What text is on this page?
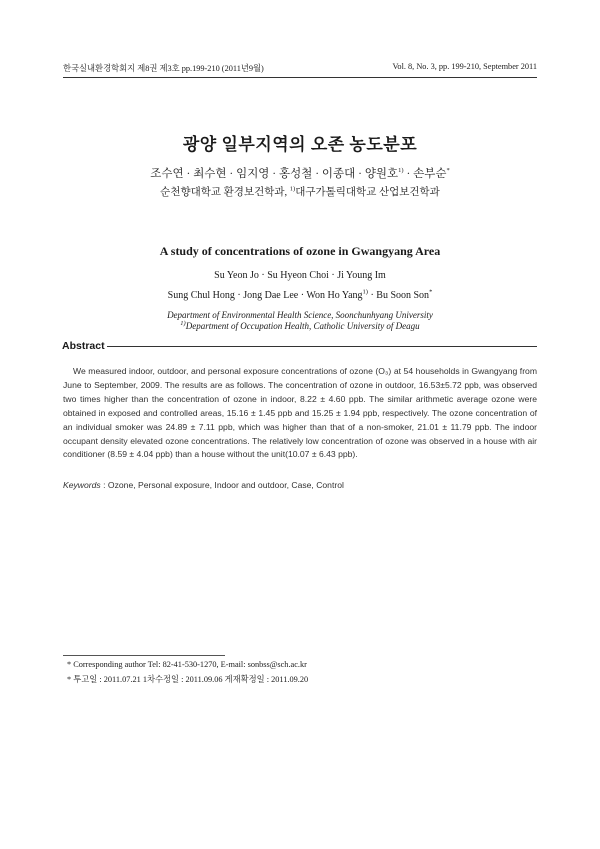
한국실내환경학회지 제8권 제3호 pp.199-210 (2011년9월)	Vol. 8, No. 3, pp. 199-210, September 2011
광양 일부지역의 오존 농도분포
조수연 · 최수현 · 임지영 · 홍성철 · 이종대 · 양원호$^{1)}$ · 손부순*
순천향대학교 환경보건학과, $^{1)}$대구가톨릭대학교 산업보건학과
A study of concentrations of ozone in Gwangyang Area
Su Yeon Jo · Su Hyeon Choi · Ji Young Im
Sung Chul Hong · Jong Dae Lee · Won Ho Yang$^{1)}$ · Bu Soon Son*
Department of Environmental Health Science, Soonchunhyang University
$^{1)}$Department of Occupation Health, Catholic University of Deagu
Abstract
We measured indoor, outdoor, and personal exposure concentrations of ozone (O₃) at 54 households in Gwangyang from June to September, 2009. The results are as follows. The concentration of ozone in outdoor, 16.53±5.72 ppb, was observed two times higher than the concentration of ozone in indoor, 8.22 ± 4.60 ppb. The similar arithmetic average ozone were obtained in exposed and controlled areas, 15.16 ± 1.45 ppb and 15.25 ± 1.94 ppb, respectively. The ozone concentration of an individual smoker was 24.89 ± 7.11 ppb, which was higher than that of a non-smoker, 21.01 ± 11.79 ppb. The indoor occupant density elevated ozone concentrations. The relatively low concentration of ozone was observed in a house with air conditioner (8.59 ± 4.04 ppb) than a house without the unit(10.07 ± 6.43 ppb).
Keywords : Ozone, Personal exposure, Indoor and outdoor, Case, Control
* Corresponding author Tel: 82-41-530-1270, E-mail: sonbss@sch.ac.kr
* 투고일 : 2011.07.21 1차수정일 : 2011.09.06 게재확정일 : 2011.09.20
